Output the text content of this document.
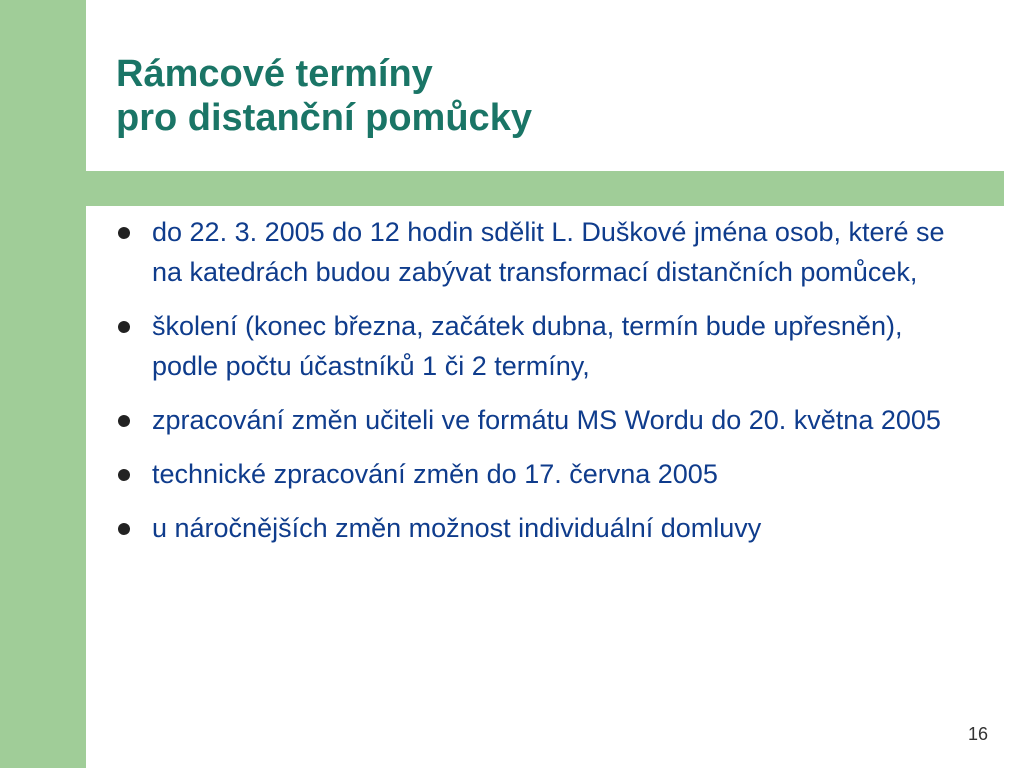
Rámcové termíny
pro distanční pomůcky
do 22. 3. 2005 do 12 hodin sdělit L. Duškové jména osob, které se na katedrách budou zabývat transformací distančních pomůcek,
školení (konec března, začátek dubna, termín bude upřesněn), podle počtu účastníků 1 či 2 termíny,
zpracování změn učiteli ve formátu MS Wordu do 20. května 2005
technické zpracování změn do 17. června 2005
u náročnějších změn možnost individuální domluvy
16
